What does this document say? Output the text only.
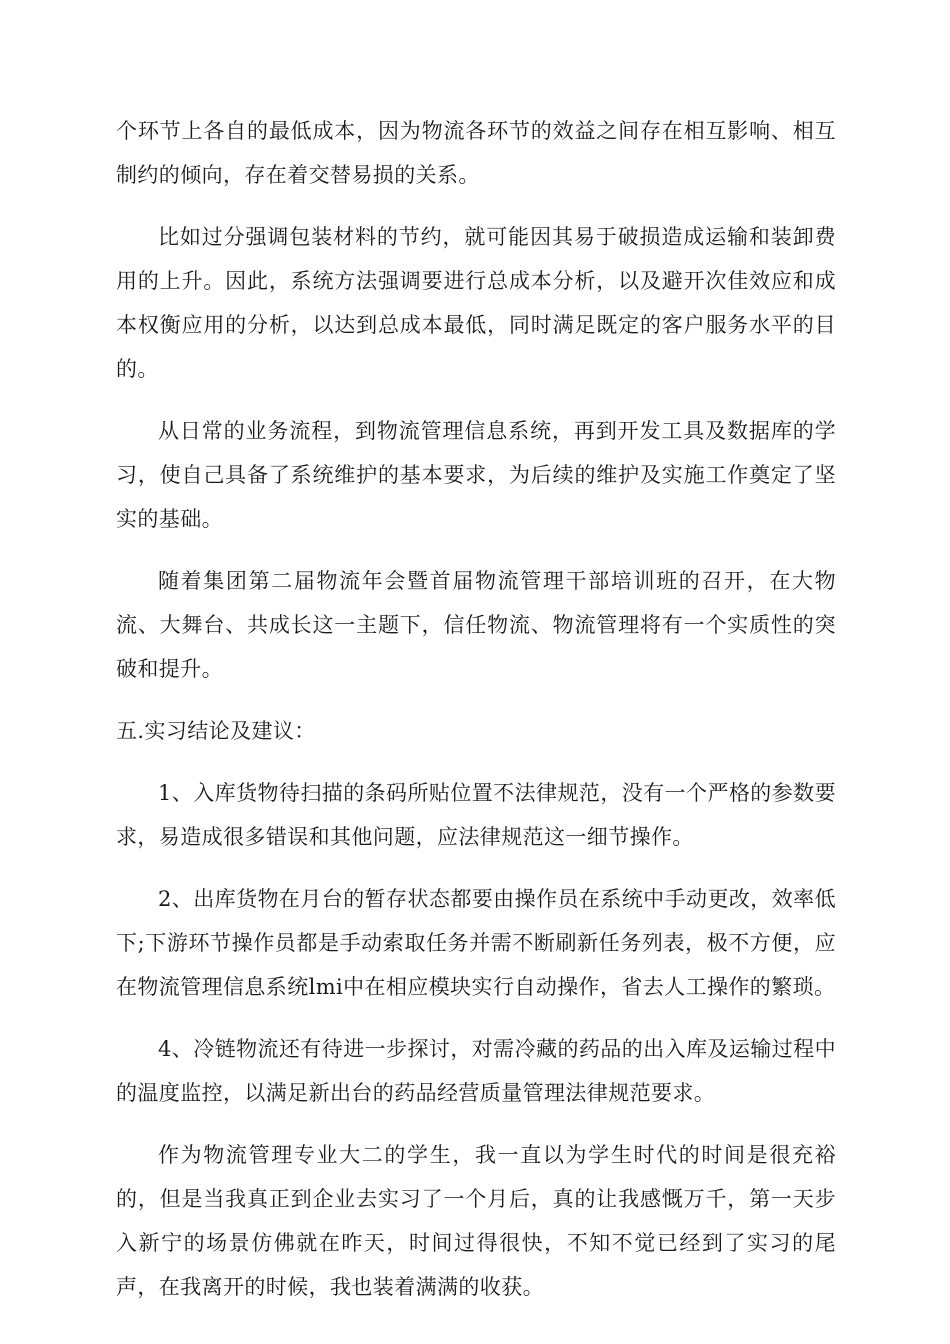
个环节上各自的最低成本，因为物流各环节的效益之间存在相互影响、相互制约的倾向，存在着交替易损的关系。

比如过分强调包装材料的节约，就可能因其易于破损造成运输和装卸费用的上升。因此，系统方法强调要进行总成本分析，以及避开次佳效应和成本权衡应用的分析，以达到总成本最低，同时满足既定的客户服务水平的目的。

从日常的业务流程，到物流管理信息系统，再到开发工具及数据库的学习，使自己具备了系统维护的基本要求，为后续的维护及实施工作奠定了坚实的基础。

随着集团第二届物流年会暨首届物流管理干部培训班的召开，在大物流、大舞台、共成长这一主题下，信任物流、物流管理将有一个实质性的突破和提升。

五.实习结论及建议：

1、入库货物待扫描的条码所贴位置不法律规范，没有一个严格的参数要求，易造成很多错误和其他问题，应法律规范这一细节操作。

2、出库货物在月台的暂存状态都要由操作员在系统中手动更改，效率低下;下游环节操作员都是手动索取任务并需不断刷新任务列表，极不方便，应在物流管理信息系统lmi中在相应模块实行自动操作，省去人工操作的繁琐。

4、冷链物流还有待进一步探讨，对需冷藏的药品的出入库及运输过程中的温度监控，以满足新出台的药品经营质量管理法律规范要求。

作为物流管理专业大二的学生，我一直以为学生时代的时间是很充裕的，但是当我真正到企业去实习了一个月后，真的让我感慨万千，第一天步入新宁的场景仿佛就在昨天，时间过得很快，不知不觉已经到了实习的尾声，在我离开的时候，我也装着满满的收获。
